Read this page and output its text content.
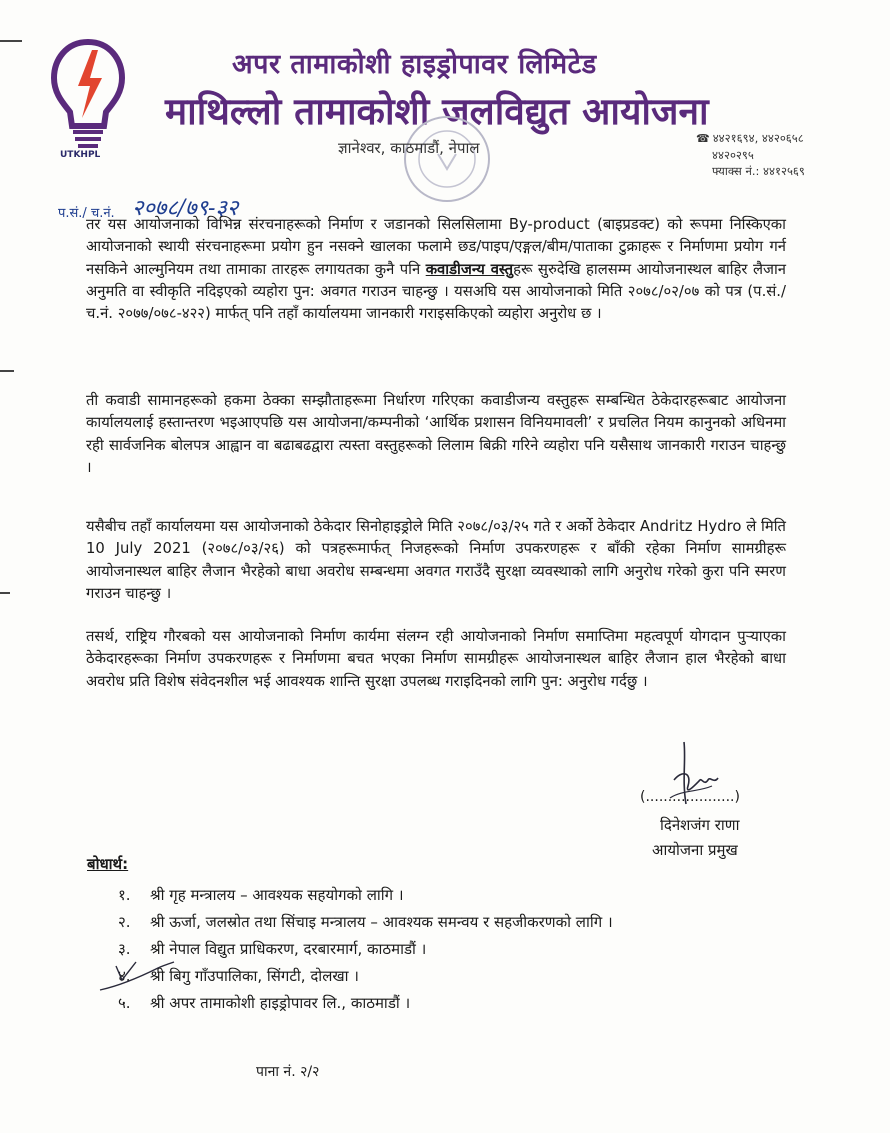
UTKHPL
अपर तामाकोशी हाइड्रोपावर लिमिटेड
माथिल्लो तामाकोशी जलविद्युत आयोजना
ज्ञानेश्वर, काठमाडौं, नेपाल
☎ ४४२१६९४, ४४२०६५८
४४२०२९५
फ्याक्स नं.: ४४१२५६९
प.सं./ च.नं. २०७८/७९-३२

तर यस आयोजनाको विभिन्न संरचनाहरूको निर्माण र जडानको सिलसिलामा By-product (बाइप्रडक्ट) को रूपमा निस्किएका आयोजनाको स्थायी संरचनाहरूमा प्रयोग हुन नसक्ने खालका फलामे छड/पाइप/एङ्गल/बीम/पाताका टुक्राहरू र निर्माणमा प्रयोग गर्न नसकिने आल्मुनियम तथा तामाका तारहरू लगायतका कुनै पनि कवाडीजन्य वस्तुहरू सुरुदेखि हालसम्म आयोजनास्थल बाहिर लैजान अनुमति वा स्वीकृति नदिइएको व्यहोरा पुन: अवगत गराउन चाहन्छु । यसअघि यस आयोजनाको मिति २०७८/०२/०७ को पत्र (प.सं./च.नं. २०७७/०७८-४२२) मार्फत् पनि तहाँ कार्यालयमा जानकारी गराइसकिएको व्यहोरा अनुरोध छ ।

ती कवाडी सामानहरूको हकमा ठेक्का सम्झौताहरूमा निर्धारण गरिएका कवाडीजन्य वस्तुहरू सम्बन्धित ठेकेदारहरूबाट आयोजना कार्यालयलाई हस्तान्तरण भइआएपछि यस आयोजना/कम्पनीको ‘आर्थिक प्रशासन विनियमावली’ र प्रचलित नियम कानुनको अधिनमा रही सार्वजनिक बोलपत्र आह्वान वा बढाबढद्वारा त्यस्ता वस्तुहरूको लिलाम बिक्री गरिने व्यहोरा पनि यसैसाथ जानकारी गराउन चाहन्छु ।

यसैबीच तहाँ कार्यालयमा यस आयोजनाको ठेकेदार सिनोहाइड्रोले मिति २०७८/०३/२५ गते र अर्को ठेकेदार Andritz Hydro ले मिति 10 July 2021 (२०७८/०३/२६) को पत्रहरूमार्फत् निजहरूको निर्माण उपकरणहरू र बाँकी रहेका निर्माण सामग्रीहरू आयोजनास्थल बाहिर लैजान भैरहेको बाधा अवरोध सम्बन्धमा अवगत गराउँदै सुरक्षा व्यवस्थाको लागि अनुरोध गरेको कुरा पनि स्मरण गराउन चाहन्छु ।

तसर्थ, राष्ट्रिय गौरबको यस आयोजनाको निर्माण कार्यमा संलग्न रही आयोजनाको निर्माण समाप्तिमा महत्वपूर्ण योगदान पुर्‍याएका ठेकेदारहरूका निर्माण उपकरणहरू र निर्माणमा बचत भएका निर्माण सामग्रीहरू आयोजनास्थल बाहिर लैजान हाल भैरहेको बाधा अवरोध प्रति विशेष संवेदनशील भई आवश्यक शान्ति सुरक्षा उपलब्ध गराइदिनको लागि पुन: अनुरोध गर्दछु ।

(....................)
दिनेशजंग राणा
आयोजना प्रमुख
बोधार्थ:
१. श्री गृह मन्त्रालय – आवश्यक सहयोगको लागि ।
२. श्री ऊर्जा, जलस्रोत तथा सिंचाइ मन्त्रालय – आवश्यक समन्वय र सहजीकरणको लागि ।
३. श्री नेपाल विद्युत प्राधिकरण, दरबारमार्ग, काठमाडौं ।
४. श्री बिगु गाँउपालिका, सिंगटी, दोलखा ।
५. श्री अपर तामाकोशी हाइड्रोपावर लि., काठमाडौं ।
पाना नं. २/२
